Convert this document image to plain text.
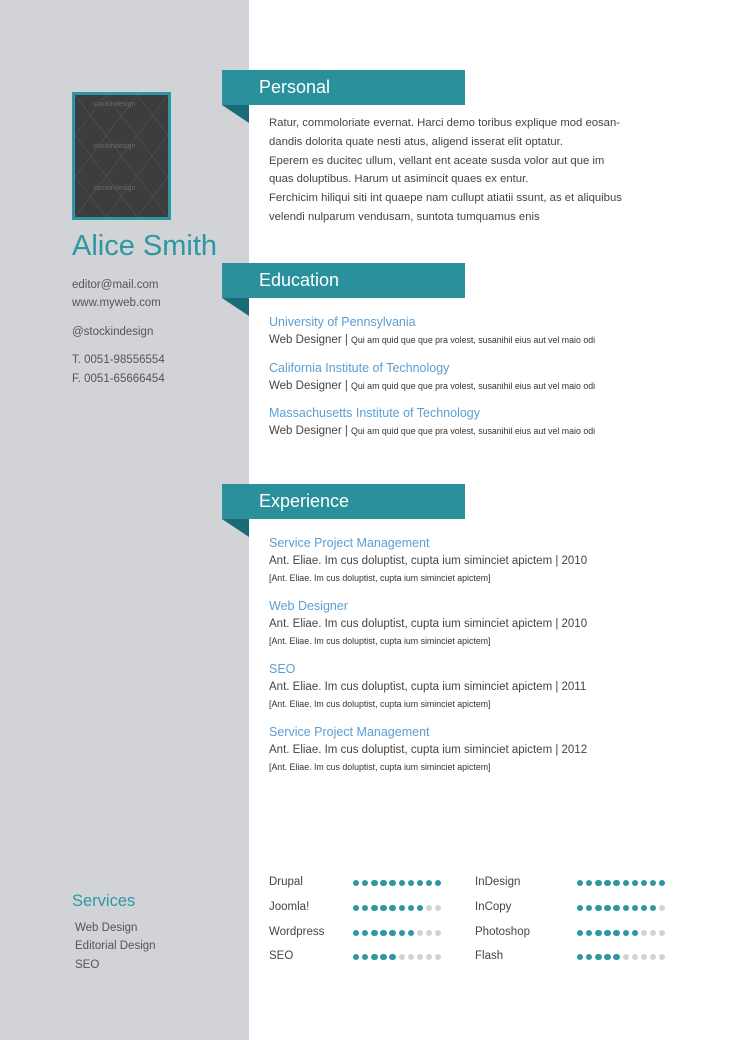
stockindesign
stockindesign
stockindesign
Alice Smith
editor@mail.com
www.myweb.com
@stockindesign
T. 0051-98556554
F. 0051-65666454
Services
Web Design
Editorial Design
SEO
Personal

Ratur, commoloriate evernat. Harci demo toribus explique mod eosan-

dandis dolorita quate nesti atus, aligend isserat elit optatur.

Eperem es ducitec ullum, vellant ent aceate susda volor aut que im

quas doluptibus. Harum ut asimincit quaes ex entur.

Ferchicim hiliqui siti int quaepe nam cullupt atiatii ssunt, as et aliquibus

velendi nulparum vendusam, suntota tumquamus enis

Education
University of Pennsylvania
Web Designer | Qui am quid que que pra volest, susanihil eius aut vel maio odi
California Institute of Technology
Web Designer | Qui am quid que que pra volest, susanihil eius aut vel maio odi
Massachusetts Institute of Technology
Web Designer | Qui am quid que que pra volest, susanihil eius aut vel maio odi
Experience
Service Project Management
Ant. Eliae. Im cus doluptist, cupta ium siminciet apictem | 2010
[Ant. Eliae. Im cus doluptist, cupta ium siminciet apictem]
Web Designer
Ant. Eliae. Im cus doluptist, cupta ium siminciet apictem | 2010
[Ant. Eliae. Im cus doluptist, cupta ium siminciet apictem]
SEO
Ant. Eliae. Im cus doluptist, cupta ium siminciet apictem | 2011
[Ant. Eliae. Im cus doluptist, cupta ium siminciet apictem]
Service Project Management
Ant. Eliae. Im cus doluptist, cupta ium siminciet apictem | 2012
[Ant. Eliae. Im cus doluptist, cupta ium siminciet apictem]
Drupal
Joomla!
Wordpress
SEO
InDesign
InCopy
Photoshop
Flash
